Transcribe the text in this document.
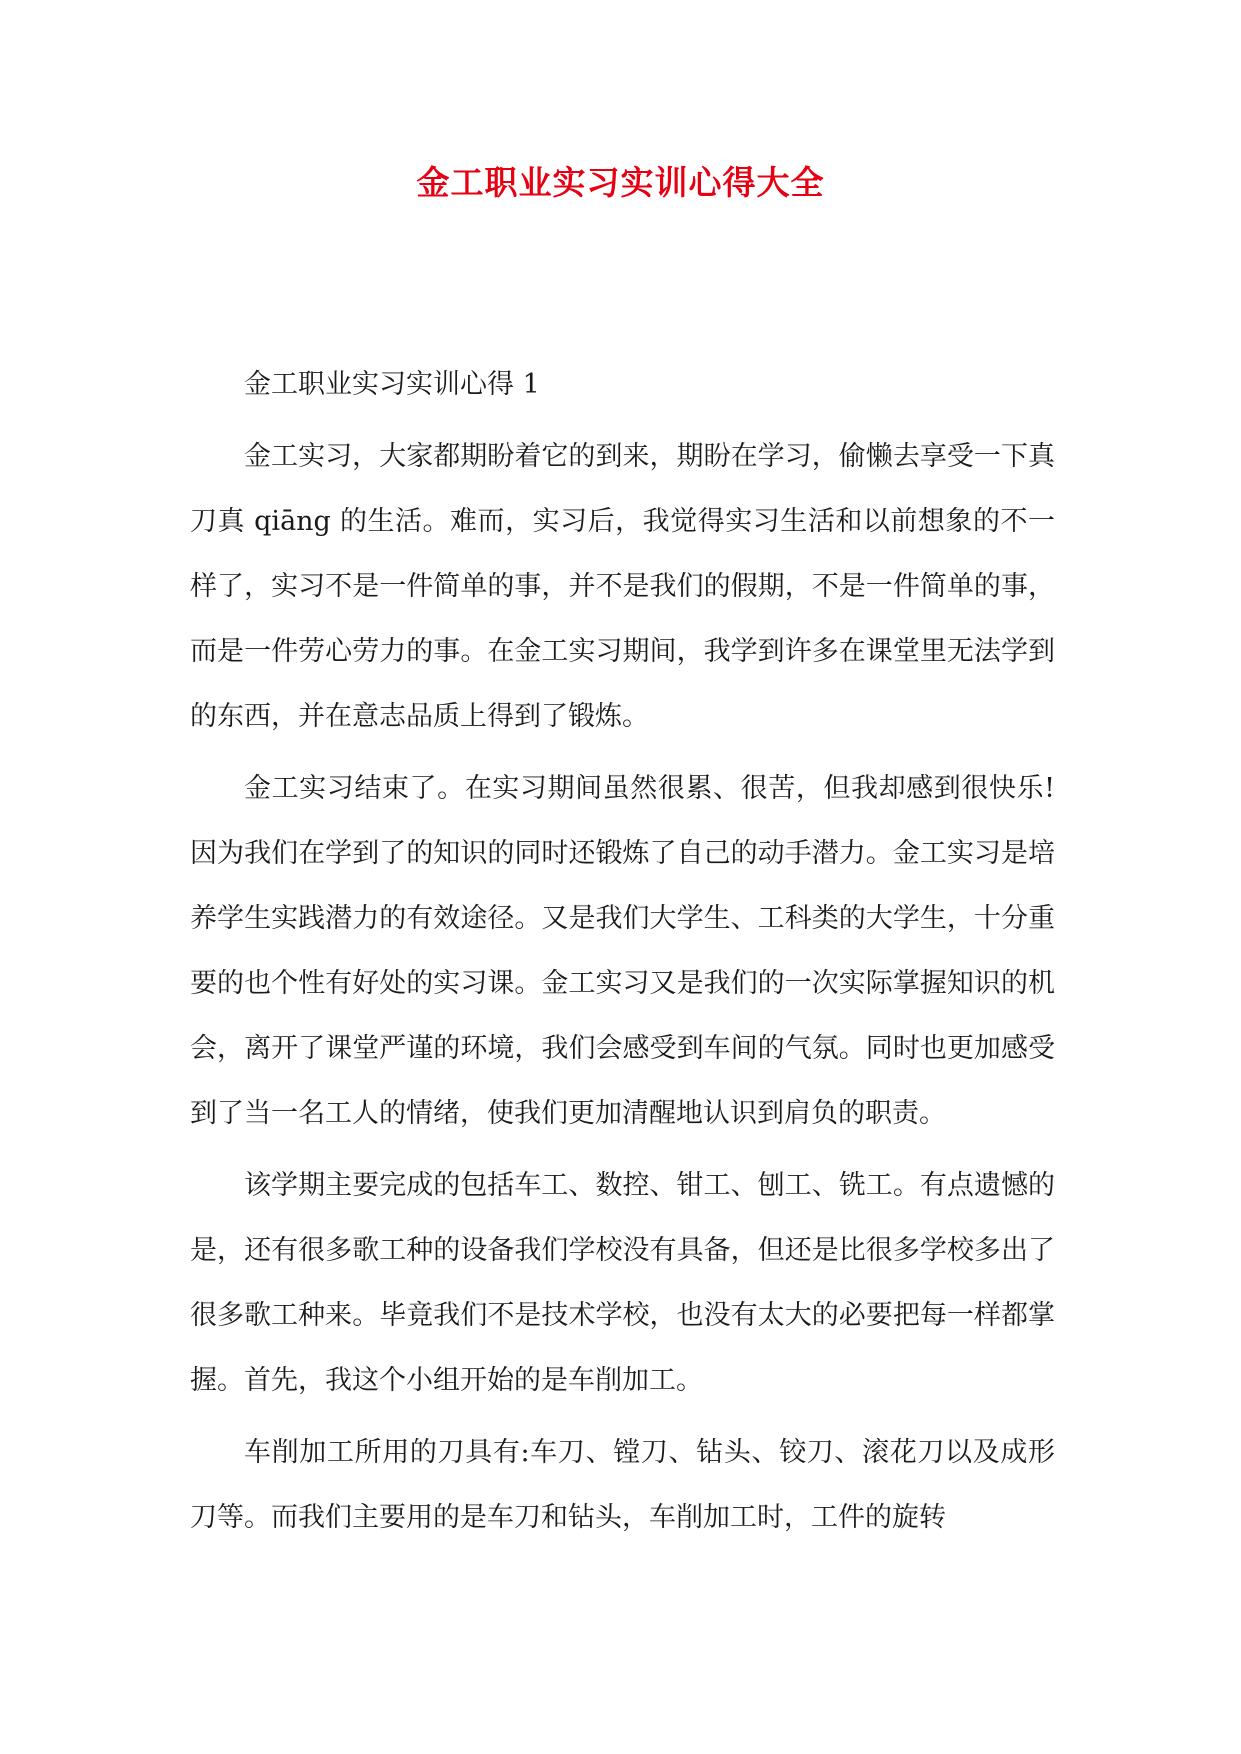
金工职业实习实训心得大全

金工职业实习实训心得 1

金工实习，大家都期盼着它的到来，期盼在学习，偷懒去享受一下真刀真 qiāng 的生活。难而，实习后，我觉得实习生活和以前想象的不一样了，实习不是一件简单的事，并不是我们的假期，不是一件简单的事，而是一件劳心劳力的事。在金工实习期间，我学到许多在课堂里无法学到的东西，并在意志品质上得到了锻炼。

金工实习结束了。在实习期间虽然很累、很苦，但我却感到很快乐!因为我们在学到了的知识的同时还锻炼了自己的动手潜力。金工实习是培养学生实践潜力的有效途径。又是我们大学生、工科类的大学生，十分重要的也个性有好处的实习课。金工实习又是我们的一次实际掌握知识的机会，离开了课堂严谨的环境，我们会感受到车间的气氛。同时也更加感受到了当一名工人的情绪，使我们更加清醒地认识到肩负的职责。

该学期主要完成的包括车工、数控、钳工、刨工、铣工。有点遗憾的是，还有很多歌工种的设备我们学校没有具备，但还是比很多学校多出了很多歌工种来。毕竟我们不是技术学校，也没有太大的必要把每一样都掌握。首先，我这个小组开始的是车削加工。

车削加工所用的刀具有:车刀、镗刀、钻头、铰刀、滚花刀以及成形刀等。而我们主要用的是车刀和钻头，车削加工时，工件的旋转
